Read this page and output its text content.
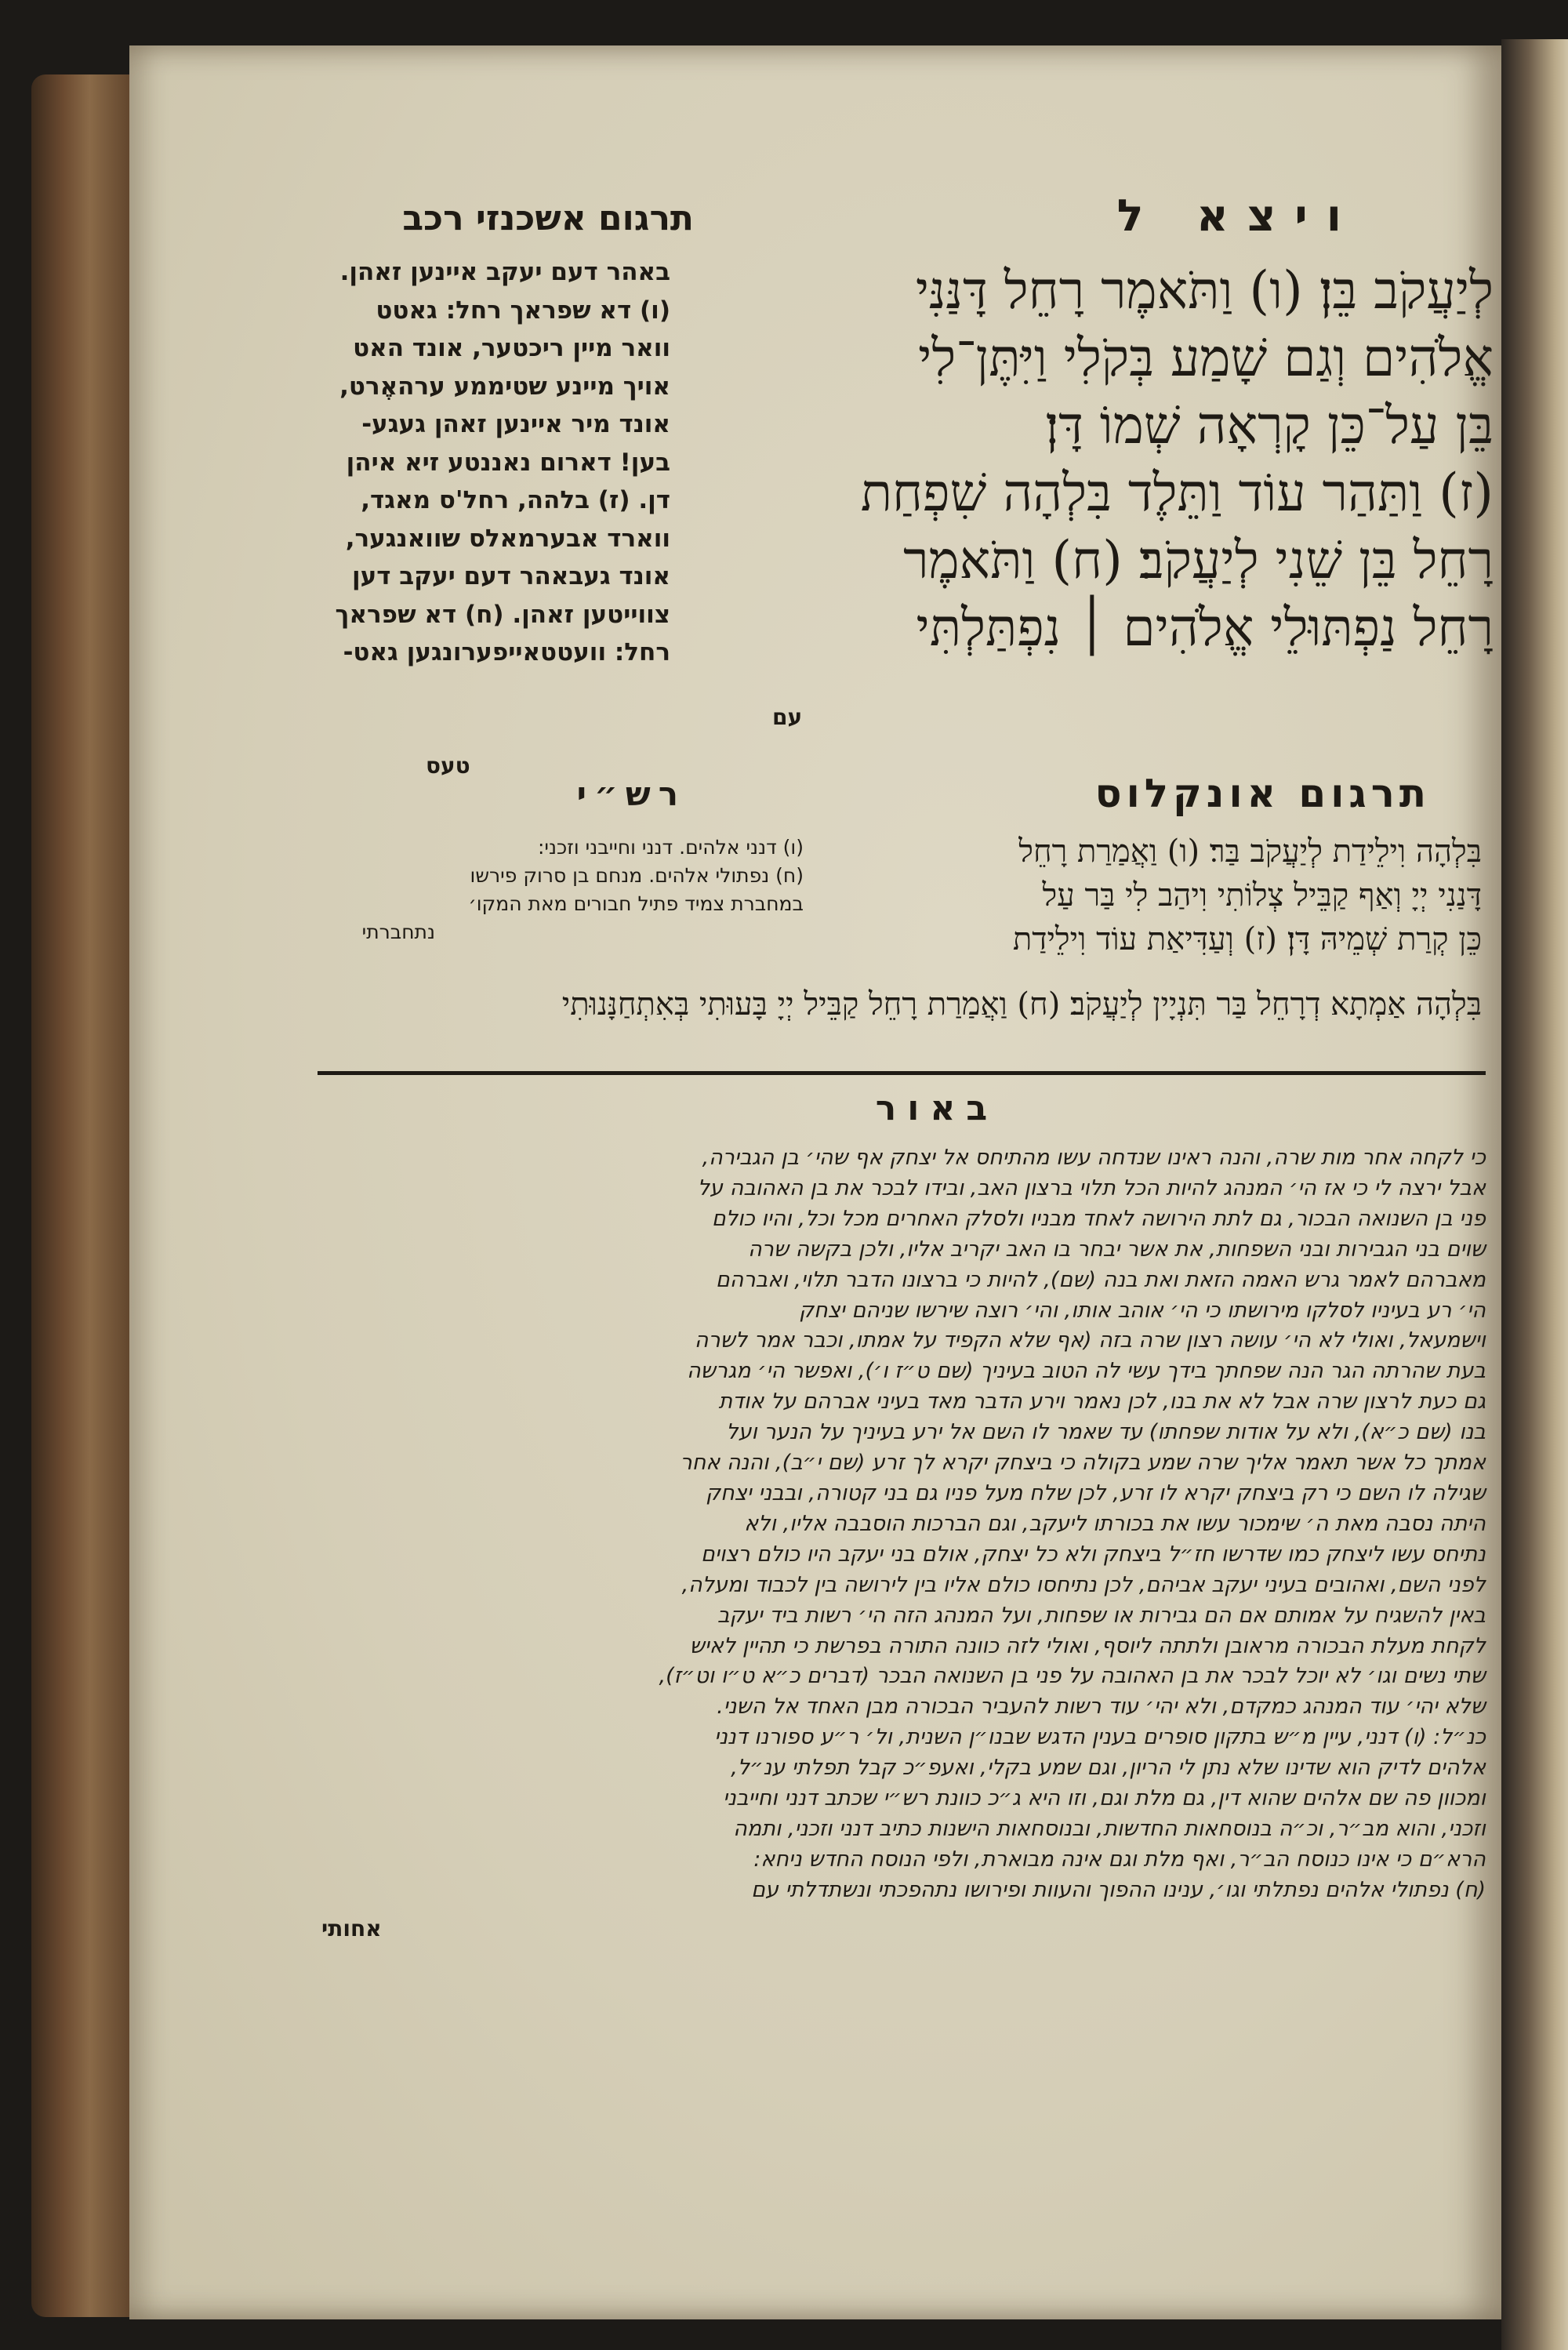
ויצא ל
תרגום אשכנזי רכב
לְיַעֲקֹב בֵּן׃ (ו) וַתֹּאמֶר רָחֵל דָּנַּנִּי
אֱלֹהִים וְגַם שָׁמַע בְּקֹלִי וַיִּתֶּן־לִי
בֵּן עַל־כֵּן קָרְאָה שְׁמוֹ דָּן׃
(ז) וַתַּהַר עוֹד וַתֵּלֶד בִּלְהָה שִׁפְחַת
רָחֵל בֵּן שֵׁנִי לְיַעֲקֹב׃ (ח) וַתֹּאמֶר
רָחֵל נַפְתּוּלֵי אֱלֹהִים ׀ נִפְתַּלְתִּי
עם
באהר דעם יעקב איינען זאהן.
(ו) דא שפראך רחל: גאטט
וואר מיין ריכטער, אונד האט
אויך מיינע שטיממע ערהאֶרט,
אונד מיר איינען זאהן געגע-
בען! דארום נאננטע זיא איהן
דן. (ז) בלהה, רחל'ס מאגד,
ווארד אבערמאלס שוואנגער,
אונד געבאהר דעם יעקב דען
צווייטען זאהן. (ח) דא שפראך
רחל: וועטטאייפערונגען גאט-
טעס
תרגום אונקלוס
בִּלְהָה וִילֵידַת לְיַעֲקֹב בַּר׃ (ו) וַאֲמַרַת רָחֵל
דָּנַנִי יְיָ וְאַף קַבֵּיל צְלוֹתִי וִיהַב לִי בַּר עַל
כֵּן קְרַת שְׁמֵיהּ דָּן׃ (ז) וְעַדִּיאַת עוֹד וִילֵידַת
בִּלְהָה אַמְתָא דְרָחֵל בַּר תִּנְיָין לְיַעֲקֹב׃ (ח) וַאֲמַרַת רָחֵל קַבֵּיל יְיָ בָּעוּתִי בְּאִתְחַנָּנוּתִי
רש״י
(ו) דנני אלהים. דנני וחייבני וזכני:
(ח) נפתולי אלהים. מנחם בן סרוק פירשו
במחברת צמיד פתיל חבורים מאת המקו׳
נתחברתי
באור
כי לקחה אחר מות שרה, והנה ראינו שנדחה עשו מהתיחס אל יצחק אף שהי׳ בן הגבירה,
אבל ירצה לי כי אז הי׳ המנהג להיות הכל תלוי ברצון האב, ובידו לבכר את בן האהובה על
פני בן השנואה הבכור, גם לתת הירושה לאחד מבניו ולסלק האחרים מכל וכל, והיו כולם
שוים בני הגבירות ובני השפחות, את אשר יבחר בו האב יקריב אליו, ולכן בקשה שרה
מאברהם לאמר גרש האמה הזאת ואת בנה (שם), להיות כי ברצונו הדבר תלוי, ואברהם
הי׳ רע בעיניו לסלקו מירושתו כי הי׳ אוהב אותו, והי׳ רוצה שירשו שניהם יצחק
וישמעאל, ואולי לא הי׳ עושה רצון שרה בזה (אף שלא הקפיד על אמתו, וכבר אמר לשרה
בעת שהרתה הגר הנה שפחתך בידך עשי לה הטוב בעיניך (שם ט״ז ו׳), ואפשר הי׳ מגרשה
גם כעת לרצון שרה אבל לא את בנו, לכן נאמר וירע הדבר מאד בעיני אברהם על אודת
בנו (שם כ״א), ולא על אודות שפחתו) עד שאמר לו השם אל ירע בעיניך על הנער ועל
אמתך כל אשר תאמר אליך שרה שמע בקולה כי ביצחק יקרא לך זרע (שם י״ב), והנה אחר
שגילה לו השם כי רק ביצחק יקרא לו זרע, לכן שלח מעל פניו גם בני קטורה, ובבני יצחק
היתה נסבה מאת ה׳ שימכור עשו את בכורתו ליעקב, וגם הברכות הוסבבה אליו, ולא
נתיחס עשו ליצחק כמו שדרשו חז״ל ביצחק ולא כל יצחק, אולם בני יעקב היו כולם רצוים
לפני השם, ואהובים בעיני יעקב אביהם, לכן נתיחסו כולם אליו בין לירושה בין לכבוד ומעלה,
באין להשגיח על אמותם אם הם גבירות או שפחות, ועל המנהג הזה הי׳ רשות ביד יעקב
לקחת מעלת הבכורה מראובן ולתתה ליוסף, ואולי לזה כוונה התורה בפרשת כי תהיין לאיש
שתי נשים וגו׳ לא יוכל לבכר את בן האהובה על פני בן השנואה הבכר (דברים כ״א ט״ו וט״ז),
שלא יהי׳ עוד המנהג כמקדם, ולא יהי׳ עוד רשות להעביר הבכורה מבן האחד אל השני.
כנ״ל: (ו) דנני, עיין מ״ש בתקון סופרים בענין הדגש שבנו״ן השנית, ול׳ ר״ע ספורנו דנני
אלהים לדיק הוא שדינו שלא נתן לי הריון, וגם שמע בקלי, ואעפ״כ קבל תפלתי ענ״ל,
ומכוון פה שם אלהים שהוא דין, גם מלת וגם, וזו היא ג״כ כוונת רש״י שכתב דנני וחייבני
וזכני, והוא מב״ר, וכ״ה בנוסחאות החדשות, ובנוסחאות הישנות כתיב דנני וזכני, ותמה
הרא״ם כי אינו כנוסח הב״ר, ואף מלת וגם אינה מבוארת, ולפי הנוסח החדש ניחא:
(ח) נפתולי אלהים נפתלתי וגו׳, ענינו ההפוך והעוות ופירושו נתהפכתי ונשתדלתי עם
אחותי
